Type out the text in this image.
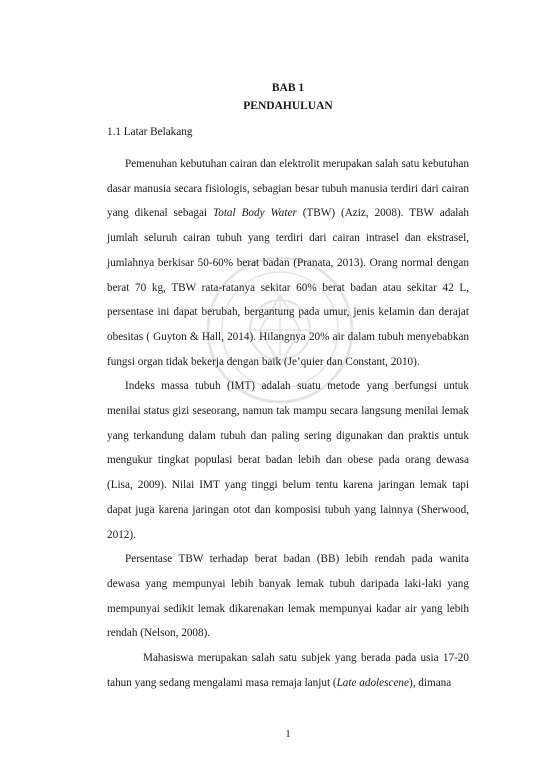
BAB 1

PENDAHULUAN

1.1 Latar Belakang

Pemenuhan kebutuhan cairan dan elektrolit merupakan salah satu kebutuhan dasar manusia secara fisiologis, sebagian besar tubuh manusia terdiri dari cairan yang dikenal sebagai Total Body Water (TBW) (Aziz, 2008). TBW adalah jumlah seluruh cairan tubuh yang terdiri dari cairan intrasel dan ekstrasel, jumlahnya berkisar 50-60% berat badan (Pranata, 2013). Orang normal dengan berat 70 kg, TBW rata-ratanya sekitar 60% berat badan atau sekitar 42 L, persentase ini dapat berubah, bergantung pada umur, jenis kelamin dan derajat obesitas ( Guyton & Hall, 2014). Hilangnya 20% air dalam tubuh menyebabkan fungsi organ tidak bekerja dengan baik (Je’quier dan Constant, 2010).

Indeks massa tubuh (IMT) adalah suatu metode yang berfungsi untuk menilai status gizi seseorang, namun tak mampu secara langsung menilai lemak yang terkandung dalam tubuh dan paling sering digunakan dan praktis untuk mengukur tingkat populasi berat badan lebih dan obese pada orang dewasa (Lisa, 2009). Nilai IMT yang tinggi belum tentu karena jaringan lemak tapi dapat juga karena jaringan otot dan komposisi tubuh yang lainnya (Sherwood, 2012).

Persentase TBW terhadap berat badan (BB) lebih rendah pada wanita dewasa yang mempunyai lebih banyak lemak tubuh daripada laki-laki yang mempunyai sedikit lemak dikarenakan lemak mempunyai kadar air yang lebih rendah (Nelson, 2008).

Mahasiswa merupakan salah satu subjek yang berada pada usia 17-20 tahun yang sedang mengalami masa remaja lanjut (Late adolescene), dimana

1
